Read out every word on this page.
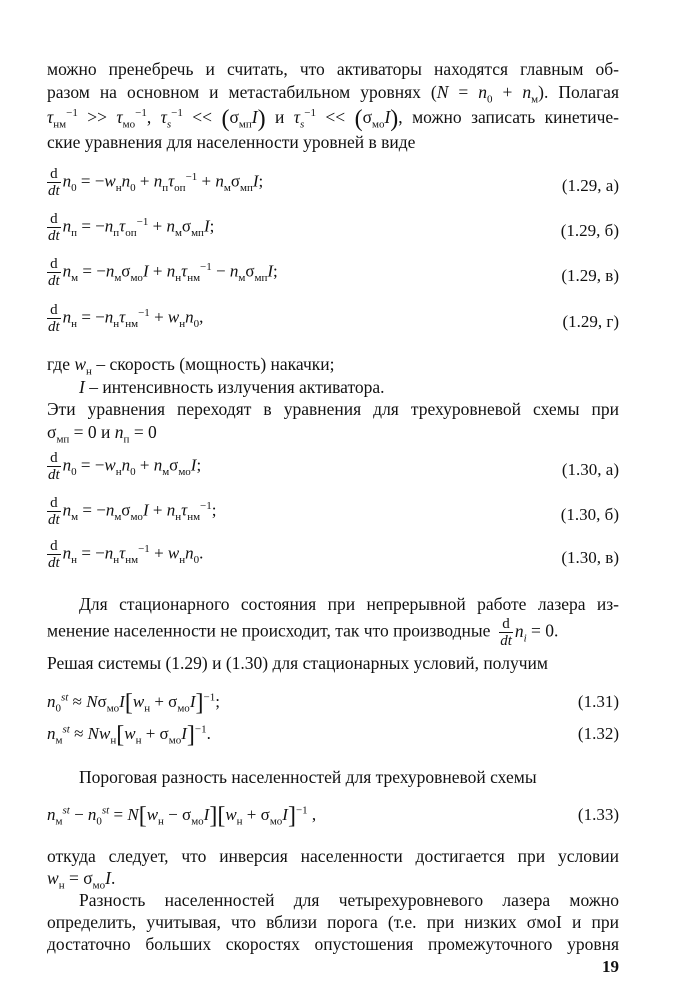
можно пренебречь и считать, что активаторы находятся главным об-
разом на основном и метастабильном уровнях $(N = n_0 + n_м)$. Полагая
$\tau_{нм}^{-1} >> \tau_{мо}^{-1}$, $\tau_s^{-1} << (\sigma_{мп}I)$ и $\tau_s^{-1} << (\sigma_{мо}I)$, можно записать кинетиче-
ские уравнения для населенности уровней в виде
$\frac{d}{dt} n_0 = -w_нn_0 + n_п\tau_{оп}^{-1} + n_м\sigma_{мп}I$;	(1.29, а)
$\frac{d}{dt} n_п = -n_п\tau_{оп}^{-1} + n_м\sigma_{мп}I$;	(1.29, б)
$\frac{d}{dt} n_м = -n_м\sigma_{мо}I + n_н\tau_{нм}^{-1} - n_м\sigma_{мп}I$;	(1.29, в)
$\frac{d}{dt} n_н = -n_н\tau_{нм}^{-1} + w_нn_0$,	(1.29, г)
где $w_н$ – скорость (мощность) накачки;
I – интенсивность излучения активатора.
Эти уравнения переходят в уравнения для трехуровневой схемы при
$\sigma_{мп} = 0$ и $n_п = 0$
$\frac{d}{dt} n_0 = -w_нn_0 + n_м\sigma_{мо}I$;	(1.30, а)
$\frac{d}{dt} n_м = -n_м\sigma_{мо}I + n_н\tau_{нм}^{-1}$;	(1.30, б)
$\frac{d}{dt} n_н = -n_н\tau_{нм}^{-1} + w_нn_0$.	(1.30, в)
Для стационарного состояния при непрерывной работе лазера из-
менение населенности не происходит, так что производные $\frac{d}{dt} n_i = 0$.
Решая системы (1.29) и (1.30) для стационарных условий, получим
$n_0^{st} \approx N\sigma_{мо}I[w_н + \sigma_{мо}I]^{-1}$;	(1.31)
$n_м^{st} \approx Nw_н[w_н + \sigma_{мо}I]^{-1}$.	(1.32)
Пороговая разность населенностей для трехуровневой схемы
$n_м^{st} - n_0^{st} = N[w_н - \sigma_{мо}I][w_н + \sigma_{мо}I]^{-1}$ ,	(1.33)
откуда следует, что инверсия населенности достигается при условии
$w_н = \sigma_{мо}I$.
Разность населенностей для четырехуровневого лазера можно
определить, учитывая, что вблизи порога (т.е. при низких σмоI и при
достаточно больших скоростях опустошения промежуточного уровня
19
